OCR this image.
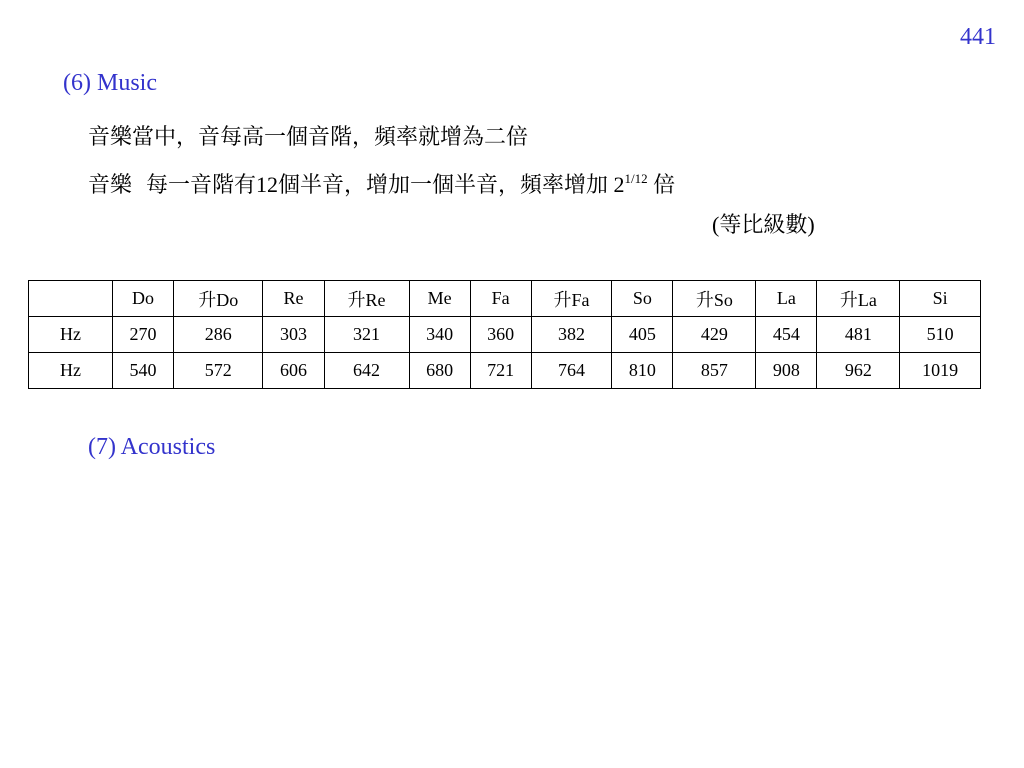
441
(6) Music
音樂當中，音每高一個音階，頻率就增為二倍
音樂 每一音階有12個半音，增加一個半音，頻率增加 $2^{1/12}$ 倍
(等比級數)
	Do	升Do	Re	升Re	Me	Fa	升Fa	So	升So	La	升La	Si
Hz	270	286	303	321	340	360	382	405	429	454	481	510
Hz	540	572	606	642	680	721	764	810	857	908	962	1019
(7) Acoustics
